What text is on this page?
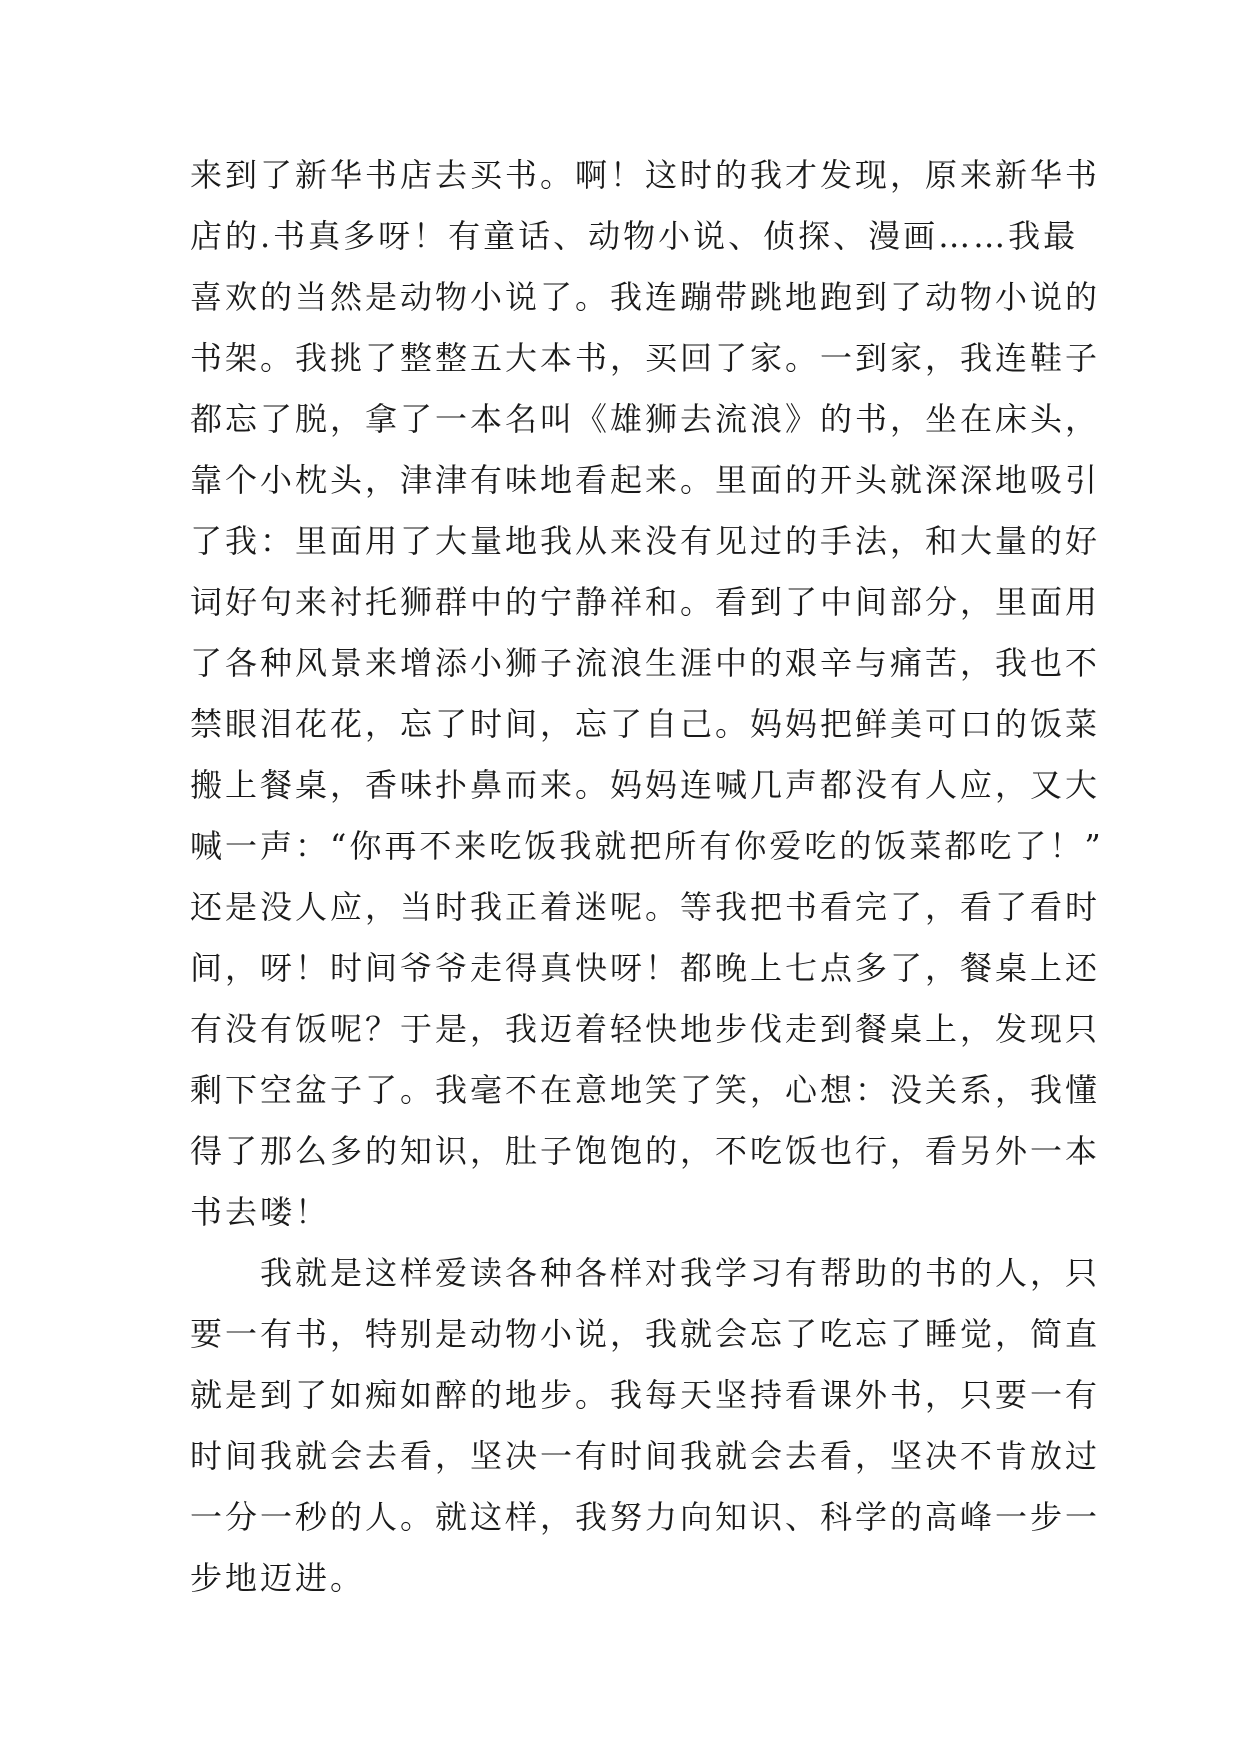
来到了新华书店去买书。啊！这时的我才发现，原来新华书
店的.书真多呀！有童话、动物小说、侦探、漫画……我最
喜欢的当然是动物小说了。我连蹦带跳地跑到了动物小说的
书架。我挑了整整五大本书，买回了家。一到家，我连鞋子
都忘了脱，拿了一本名叫《雄狮去流浪》的书，坐在床头，
靠个小枕头，津津有味地看起来。里面的开头就深深地吸引
了我：里面用了大量地我从来没有见过的手法，和大量的好
词好句来衬托狮群中的宁静祥和。看到了中间部分，里面用
了各种风景来增添小狮子流浪生涯中的艰辛与痛苦，我也不
禁眼泪花花，忘了时间，忘了自己。妈妈把鲜美可口的饭菜
搬上餐桌，香味扑鼻而来。妈妈连喊几声都没有人应，又大
喊一声：“你再不来吃饭我就把所有你爱吃的饭菜都吃了！”
还是没人应，当时我正着迷呢。等我把书看完了，看了看时
间，呀！时间爷爷走得真快呀！都晚上七点多了，餐桌上还
有没有饭呢？于是，我迈着轻快地步伐走到餐桌上，发现只
剩下空盆子了。我毫不在意地笑了笑，心想：没关系，我懂
得了那么多的知识，肚子饱饱的，不吃饭也行，看另外一本
书去喽！
　　我就是这样爱读各种各样对我学习有帮助的书的人，只
要一有书，特别是动物小说，我就会忘了吃忘了睡觉，简直
就是到了如痴如醉的地步。我每天坚持看课外书，只要一有
时间我就会去看，坚决一有时间我就会去看，坚决不肯放过
一分一秒的人。就这样，我努力向知识、科学的高峰一步一
步地迈进。
